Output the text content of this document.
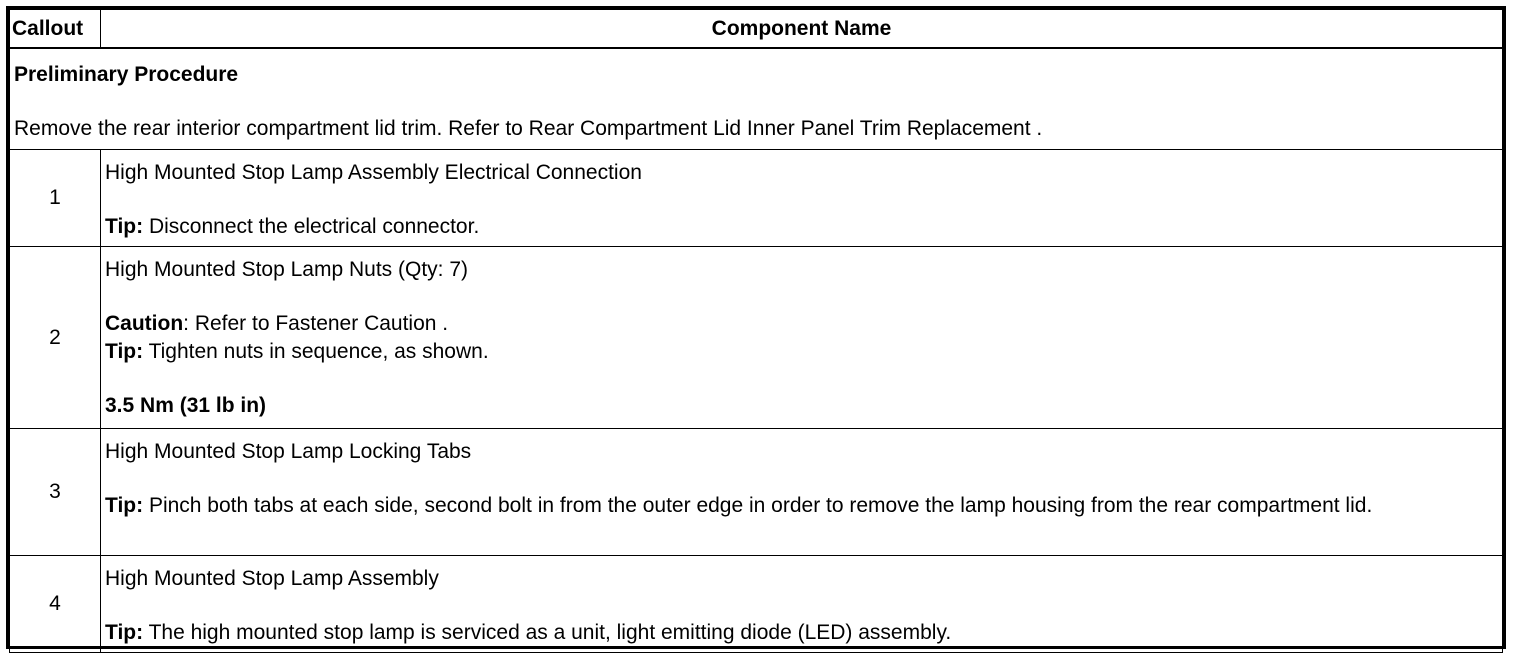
Callout	Component Name

Preliminary Procedure
Remove the rear interior compartment lid trim. Refer to Rear Compartment Lid Inner Panel Trim Replacement .	

1	High Mounted Stop Lamp Assembly Electrical Connection
Tip: Disconnect the electrical connector.

2	High Mounted Stop Lamp Nuts (Qty: 7)
Caution: Refer to Fastener Caution .
Tip: Tighten nuts in sequence, as shown.
3.5 Nm (31 lb in)

3	High Mounted Stop Lamp Locking Tabs
Tip: Pinch both tabs at each side, second bolt in from the outer edge in order to remove the lamp housing from the rear compartment lid.

4	High Mounted Stop Lamp Assembly
Tip: The high mounted stop lamp is serviced as a unit, light emitting diode (LED) assembly.
